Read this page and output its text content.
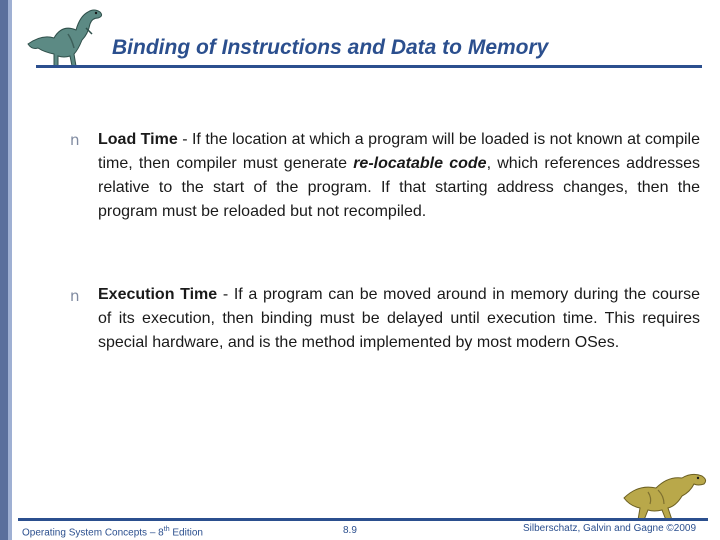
Binding of Instructions and Data to Memory
n Load Time - If the location at which a program will be loaded is not known at compile time, then compiler must generate re-locatable code, which references addresses relative to the start of the program. If that starting address changes, then the program must be reloaded but not recompiled.
n Execution Time - If a program can be moved around in memory during the course of its execution, then binding must be delayed until execution time. This requires special hardware, and is the method implemented by most modern OSes.
Operating System Concepts – 8th Edition	8.9	Silberschatz, Galvin and Gagne ©2009
